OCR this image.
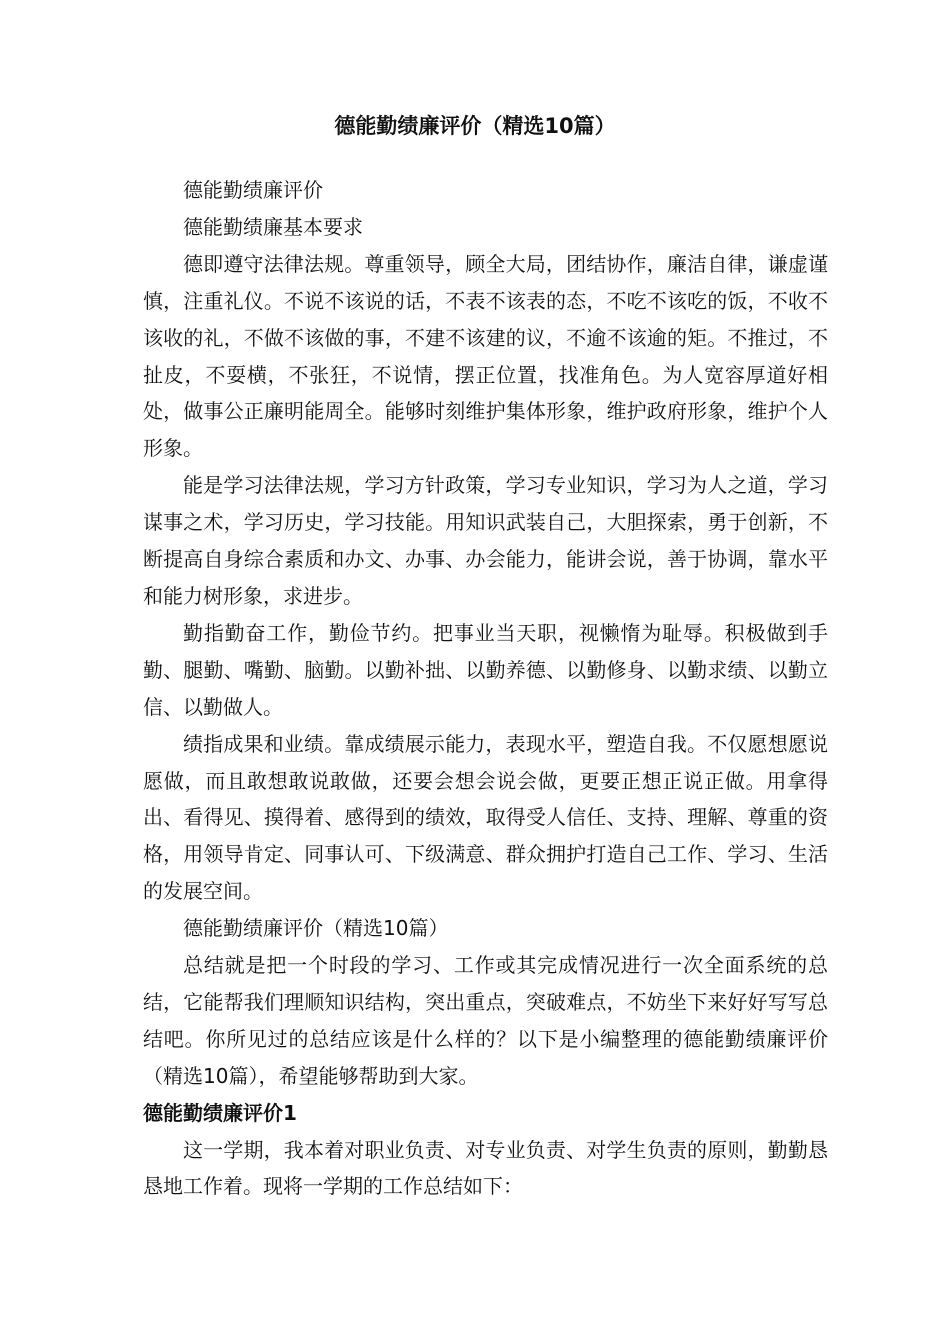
德能勤绩廉评价（精选10篇）

德能勤绩廉评价

德能勤绩廉基本要求

德即遵守法律法规。尊重领导，顾全大局，团结协作，廉洁自律，谦虚谨慎，注重礼仪。不说不该说的话，不表不该表的态，不吃不该吃的饭，不收不该收的礼，不做不该做的事，不建不该建的议，不逾不该逾的矩。不推过，不扯皮，不耍横，不张狂，不说情，摆正位置，找准角色。为人宽容厚道好相处，做事公正廉明能周全。能够时刻维护集体形象，维护政府形象，维护个人形象。

能是学习法律法规，学习方针政策，学习专业知识，学习为人之道，学习谋事之术，学习历史，学习技能。用知识武装自己，大胆探索，勇于创新，不断提高自身综合素质和办文、办事、办会能力，能讲会说，善于协调，靠水平和能力树形象，求进步。

勤指勤奋工作，勤俭节约。把事业当天职，视懒惰为耻辱。积极做到手勤、腿勤、嘴勤、脑勤。以勤补拙、以勤养德、以勤修身、以勤求绩、以勤立信、以勤做人。

绩指成果和业绩。靠成绩展示能力，表现水平，塑造自我。不仅愿想愿说愿做，而且敢想敢说敢做，还要会想会说会做，更要正想正说正做。用拿得出、看得见、摸得着、感得到的绩效，取得受人信任、支持、理解、尊重的资格，用领导肯定、同事认可、下级满意、群众拥护打造自己工作、学习、生活的发展空间。

德能勤绩廉评价（精选10篇）

总结就是把一个时段的学习、工作或其完成情况进行一次全面系统的总结，它能帮我们理顺知识结构，突出重点，突破难点，不妨坐下来好好写写总结吧。你所见过的总结应该是什么样的？以下是小编整理的德能勤绩廉评价（精选10篇），希望能够帮助到大家。

德能勤绩廉评价1

这一学期，我本着对职业负责、对专业负责、对学生负责的原则，勤勤恳恳地工作着。现将一学期的工作总结如下：
